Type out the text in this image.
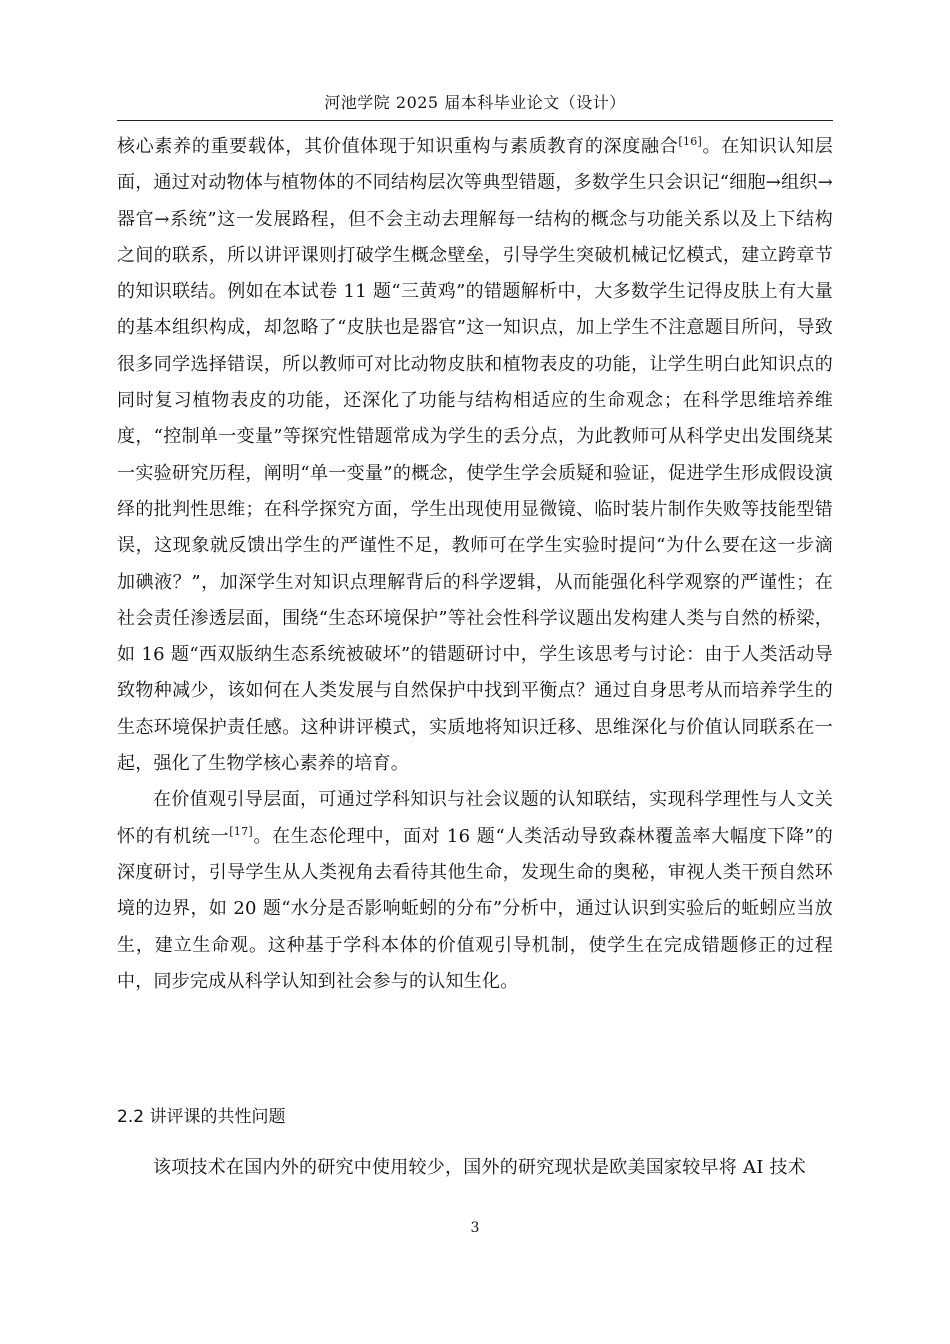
河池学院 2025 届本科毕业论文（设计）

核心素养的重要载体，其价值体现于知识重构与素质教育的深度融合[16]。在知识认知层面，通过对动物体与植物体的不同结构层次等典型错题，多数学生只会识记“细胞→组织→器官→系统”这一发展路程，但不会主动去理解每一结构的概念与功能关系以及上下结构之间的联系，所以讲评课则打破学生概念壁垒，引导学生突破机械记忆模式，建立跨章节的知识联结。例如在本试卷 11 题“三黄鸡”的错题解析中，大多数学生记得皮肤上有大量的基本组织构成，却忽略了“皮肤也是器官”这一知识点，加上学生不注意题目所问，导致很多同学选择错误，所以教师可对比动物皮肤和植物表皮的功能，让学生明白此知识点的同时复习植物表皮的功能，还深化了功能与结构相适应的生命观念；在科学思维培养维度，“控制单一变量”等探究性错题常成为学生的丢分点，为此教师可从科学史出发围绕某一实验研究历程，阐明“单一变量”的概念，使学生学会质疑和验证，促进学生形成假设演绎的批判性思维；在科学探究方面，学生出现使用显微镜、临时装片制作失败等技能型错误，这现象就反馈出学生的严谨性不足，教师可在学生实验时提问“为什么要在这一步滴加碘液？”，加深学生对知识点理解背后的科学逻辑，从而能强化科学观察的严谨性；在社会责任渗透层面，围绕“生态环境保护”等社会性科学议题出发构建人类与自然的桥梁，如 16 题“西双版纳生态系统被破坏”的错题研讨中，学生该思考与讨论：由于人类活动导致物种减少，该如何在人类发展与自然保护中找到平衡点？通过自身思考从而培养学生的生态环境保护责任感。这种讲评模式，实质地将知识迁移、思维深化与价值认同联系在一起，强化了生物学核心素养的培育。

在价值观引导层面，可通过学科知识与社会议题的认知联结，实现科学理性与人文关怀的有机统一[17]。在生态伦理中，面对 16 题“人类活动导致森林覆盖率大幅度下降”的深度研讨，引导学生从人类视角去看待其他生命，发现生命的奥秘，审视人类干预自然环境的边界，如 20 题“水分是否影响蚯蚓的分布”分析中，通过认识到实验后的蚯蚓应当放生，建立生命观。这种基于学科本体的价值观引导机制，使学生在完成错题修正的过程中，同步完成从科学认知到社会参与的认知生化。

2.2 讲评课的共性问题

该项技术在国内外的研究中使用较少，国外的研究现状是欧美国家较早将 AI 技术

3
